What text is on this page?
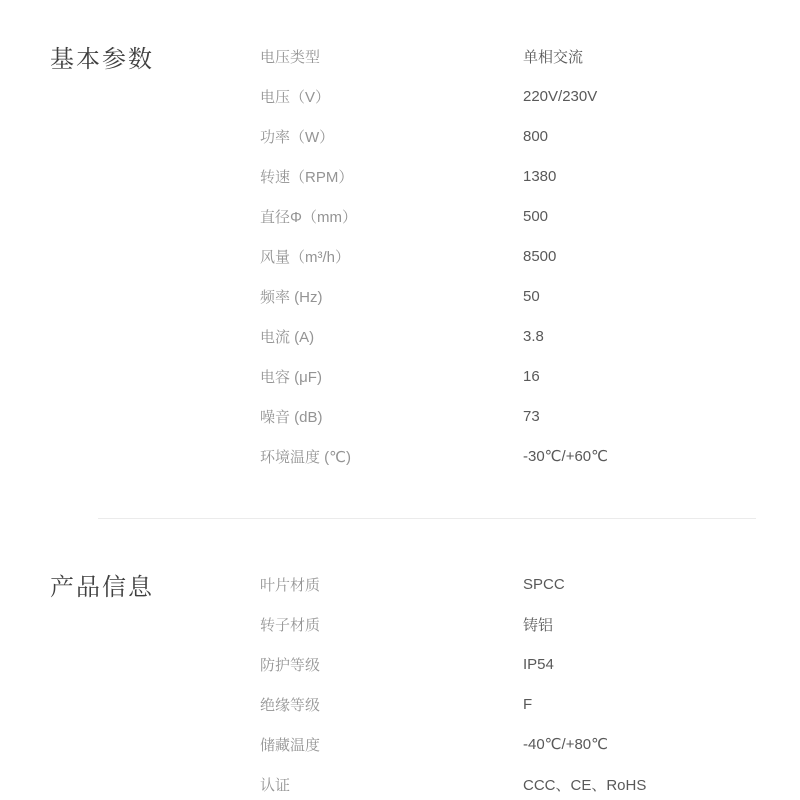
基本参数	电压类型	单相交流
电压（V）	220V/230V
功率（W）	800
转速（RPM）	1380
直径Φ（mm）	500
风量（m³/h）	8500
频率 (Hz)	50
电流 (A)	3.8
电容 (μF)	16
噪音 (dB)	73
环境温度 (℃)	-30℃/+60℃
产品信息	叶片材质	SPCC
转子材质	铸铝
防护等级	IP54
绝缘等级	F
储藏温度	-40℃/+80℃
认证	CCC、CE、RoHS
